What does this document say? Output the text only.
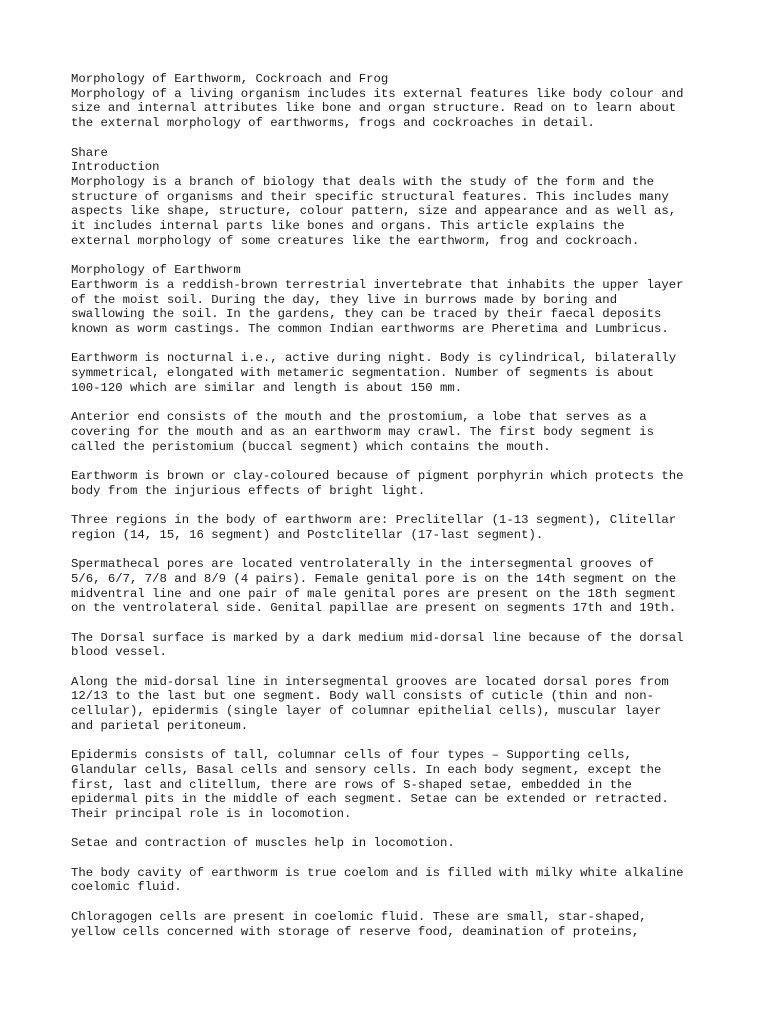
Morphology of Earthworm, Cockroach and Frog
Morphology of a living organism includes its external features like body colour and
size and internal attributes like bone and organ structure. Read on to learn about
the external morphology of earthworms, frogs and cockroaches in detail.
Share
Introduction
Morphology is a branch of biology that deals with the study of the form and the
structure of organisms and their specific structural features. This includes many
aspects like shape, structure, colour pattern, size and appearance and as well as,
it includes internal parts like bones and organs. This article explains the
external morphology of some creatures like the earthworm, frog and cockroach.
Morphology of Earthworm
Earthworm is a reddish-brown terrestrial invertebrate that inhabits the upper layer
of the moist soil. During the day, they live in burrows made by boring and
swallowing the soil. In the gardens, they can be traced by their faecal deposits
known as worm castings. The common Indian earthworms are Pheretima and Lumbricus.
Earthworm is nocturnal i.e., active during night. Body is cylindrical, bilaterally
symmetrical, elongated with metameric segmentation. Number of segments is about
100-120 which are similar and length is about 150 mm.
Anterior end consists of the mouth and the prostomium, a lobe that serves as a
covering for the mouth and as an earthworm may crawl. The first body segment is
called the peristomium (buccal segment) which contains the mouth.
Earthworm is brown or clay-coloured because of pigment porphyrin which protects the
body from the injurious effects of bright light.
Three regions in the body of earthworm are: Preclitellar (1-13 segment), Clitellar
region (14, 15, 16 segment) and Postclitellar (17-last segment).
Spermathecal pores are located ventrolaterally in the intersegmental grooves of
5/6, 6/7, 7/8 and 8/9 (4 pairs). Female genital pore is on the 14th segment on the
midventral line and one pair of male genital pores are present on the 18th segment
on the ventrolateral side. Genital papillae are present on segments 17th and 19th.
The Dorsal surface is marked by a dark medium mid-dorsal line because of the dorsal
blood vessel.
Along the mid-dorsal line in intersegmental grooves are located dorsal pores from
12/13 to the last but one segment. Body wall consists of cuticle (thin and non-
cellular), epidermis (single layer of columnar epithelial cells), muscular layer
and parietal peritoneum.
Epidermis consists of tall, columnar cells of four types – Supporting cells,
Glandular cells, Basal cells and sensory cells. In each body segment, except the
first, last and clitellum, there are rows of S-shaped setae, embedded in the
epidermal pits in the middle of each segment. Setae can be extended or retracted.
Their principal role is in locomotion.
Setae and contraction of muscles help in locomotion.
The body cavity of earthworm is true coelom and is filled with milky white alkaline
coelomic fluid.
Chloragogen cells are present in coelomic fluid. These are small, star-shaped,
yellow cells concerned with storage of reserve food, deamination of proteins,
